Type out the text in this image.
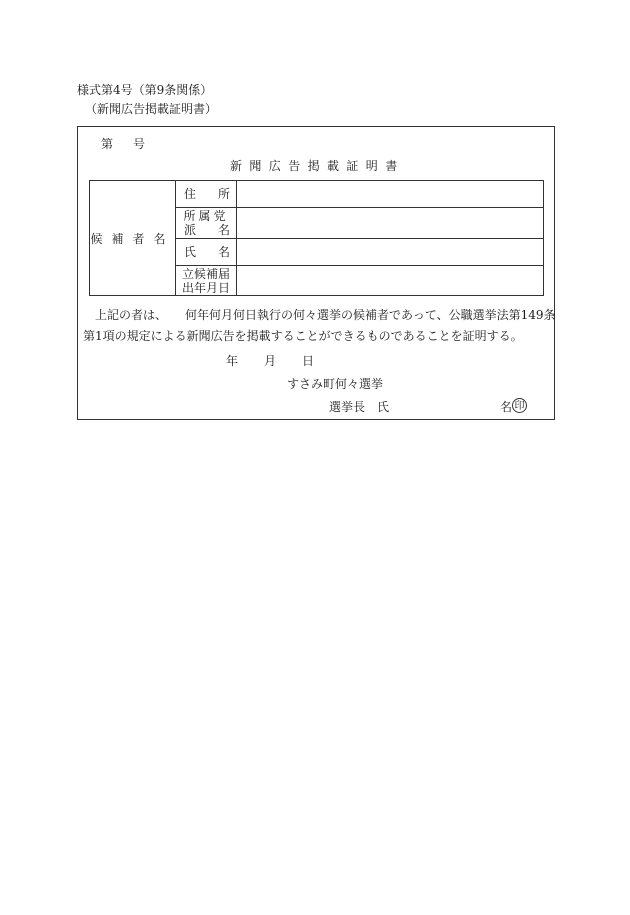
様式第4号（第9条関係）
（新聞広告掲載証明書）
第 号
新聞広告掲載証明書
候補者名	住 所	

	所属党
派 名	

	氏 名	

	立候補届
出年月日	

上記の者は、　　何年何月何日執行の何々選挙の候補者であって、公職選挙法第149条
第1項の規定による新聞広告を掲載することができるものであることを証明する。
年 月 日
すさみ町何々選挙
選挙長　氏	名 印
